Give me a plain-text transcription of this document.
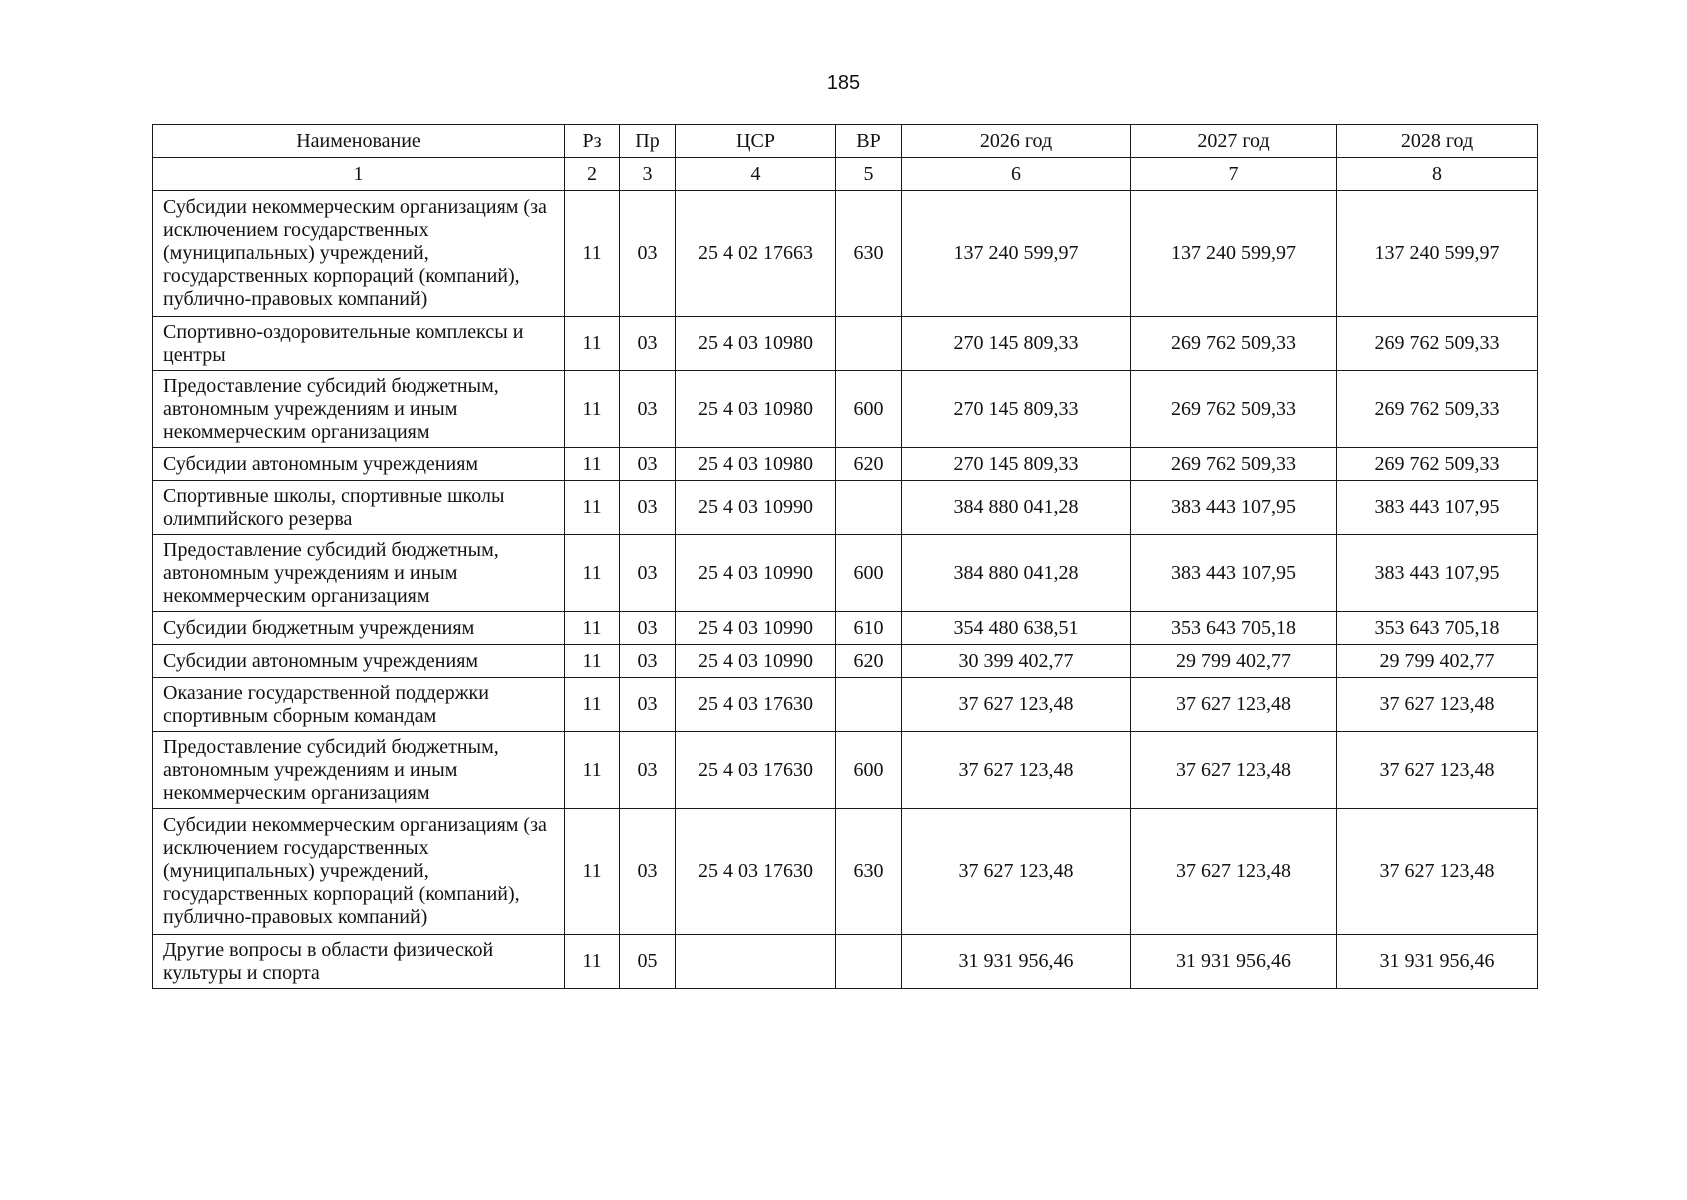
185
Наименование	Рз	Пр	ЦСР	ВР	2026 год	2027 год	2028 год
1	2	3	4	5	6	7	8
Субсидии некоммерческим организациям (за исключением государственных (муниципальных) учреждений, государственных корпораций (компаний), публично-правовых компаний)	11	03	25 4 02 17663	630	137 240 599,97	137 240 599,97	137 240 599,97
Спортивно-оздоровительные комплексы и центры	11	03	25 4 03 10980		270 145 809,33	269 762 509,33	269 762 509,33
Предоставление субсидий бюджетным, автономным учреждениям и иным некоммерческим организациям	11	03	25 4 03 10980	600	270 145 809,33	269 762 509,33	269 762 509,33
Субсидии автономным учреждениям	11	03	25 4 03 10980	620	270 145 809,33	269 762 509,33	269 762 509,33
Спортивные школы, спортивные школы олимпийского резерва	11	03	25 4 03 10990		384 880 041,28	383 443 107,95	383 443 107,95
Предоставление субсидий бюджетным, автономным учреждениям и иным некоммерческим организациям	11	03	25 4 03 10990	600	384 880 041,28	383 443 107,95	383 443 107,95
Субсидии бюджетным учреждениям	11	03	25 4 03 10990	610	354 480 638,51	353 643 705,18	353 643 705,18
Субсидии автономным учреждениям	11	03	25 4 03 10990	620	30 399 402,77	29 799 402,77	29 799 402,77
Оказание государственной поддержки спортивным сборным командам	11	03	25 4 03 17630		37 627 123,48	37 627 123,48	37 627 123,48
Предоставление субсидий бюджетным, автономным учреждениям и иным некоммерческим организациям	11	03	25 4 03 17630	600	37 627 123,48	37 627 123,48	37 627 123,48
Субсидии некоммерческим организациям (за исключением государственных (муниципальных) учреждений, государственных корпораций (компаний), публично-правовых компаний)	11	03	25 4 03 17630	630	37 627 123,48	37 627 123,48	37 627 123,48
Другие вопросы в области физической культуры и спорта	11	05			31 931 956,46	31 931 956,46	31 931 956,46
